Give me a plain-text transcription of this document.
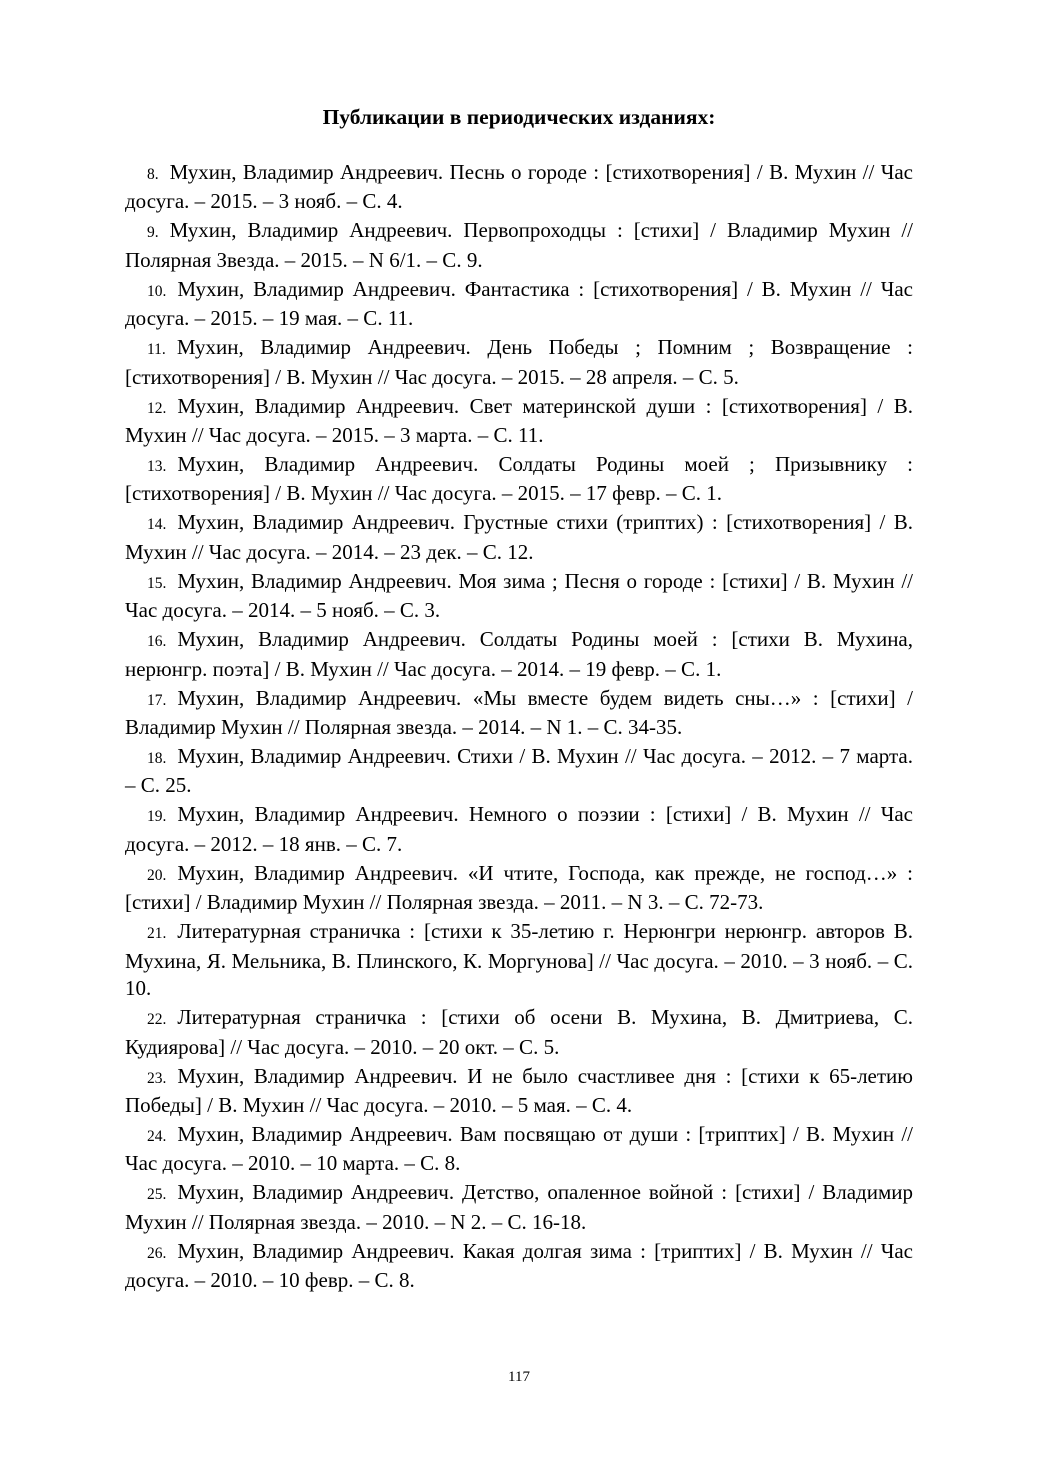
Публикации в периодических изданиях:

8. Мухин, Владимир Андреевич. Песнь о городе : [стихотворения] / В. Мухин // Час досуга. – 2015. – 3 нояб. – С. 4.

9. Мухин, Владимир Андреевич. Первопроходцы : [стихи] / Владимир Мухин // Полярная Звезда. – 2015. – N 6/1. – С. 9.

10. Мухин, Владимир Андреевич. Фантастика : [стихотворения] / В. Мухин // Час досуга. – 2015. – 19 мая. – С. 11.

11. Мухин, Владимир Андреевич. День Победы ; Помним ; Возвращение : [стихотворения] / В. Мухин // Час досуга. – 2015. – 28 апреля. – С. 5.

12. Мухин, Владимир Андреевич. Свет материнской души : [стихотворения] / В. Мухин // Час досуга. – 2015. – 3 марта. – С. 11.

13. Мухин, Владимир Андреевич. Солдаты Родины моей ; Призывнику : [стихотворения] / В. Мухин // Час досуга. – 2015. – 17 февр. – С. 1.

14. Мухин, Владимир Андреевич. Грустные стихи (триптих) : [стихотворения] / В. Мухин // Час досуга. – 2014. – 23 дек. – С. 12.

15. Мухин, Владимир Андреевич. Моя зима ; Песня о городе : [стихи] / В. Мухин // Час досуга. – 2014. – 5 нояб. – С. 3.

16. Мухин, Владимир Андреевич. Солдаты Родины моей : [стихи В. Мухина, нерюнгр. поэта] / В. Мухин // Час досуга. – 2014. – 19 февр. – С. 1.

17. Мухин, Владимир Андреевич. «Мы вместе будем видеть сны…» : [стихи] / Владимир Мухин // Полярная звезда. – 2014. – N 1. – С. 34-35.

18. Мухин, Владимир Андреевич. Стихи / В. Мухин // Час досуга. – 2012. – 7 марта. – С. 25.

19. Мухин, Владимир Андреевич. Немного о поэзии : [стихи] / В. Мухин // Час досуга. – 2012. – 18 янв. – С. 7.

20. Мухин, Владимир Андреевич. «И чтите, Господа, как прежде, не господ…» : [стихи] / Владимир Мухин // Полярная звезда. – 2011. – N 3. – С. 72-73.

21. Литературная страничка : [стихи к 35-летию г. Нерюнгри нерюнгр. авторов В. Мухина, Я. Мельника, В. Плинского, К. Моргунова] // Час досуга. – 2010. – 3 нояб. – С. 10.

22. Литературная страничка : [стихи об осени В. Мухина, В. Дмитриева, С. Кудиярова] // Час досуга. – 2010. – 20 окт. – С. 5.

23. Мухин, Владимир Андреевич. И не было счастливее дня : [стихи к 65-летию Победы] / В. Мухин // Час досуга. – 2010. – 5 мая. – С. 4.

24. Мухин, Владимир Андреевич. Вам посвящаю от души : [триптих] / В. Мухин // Час досуга. – 2010. – 10 марта. – С. 8.

25. Мухин, Владимир Андреевич. Детство, опаленное войной : [стихи] / Владимир Мухин // Полярная звезда. – 2010. – N 2. – С. 16-18.

26. Мухин, Владимир Андреевич. Какая долгая зима : [триптих] / В. Мухин // Час досуга. – 2010. – 10 февр. – С. 8.

117
